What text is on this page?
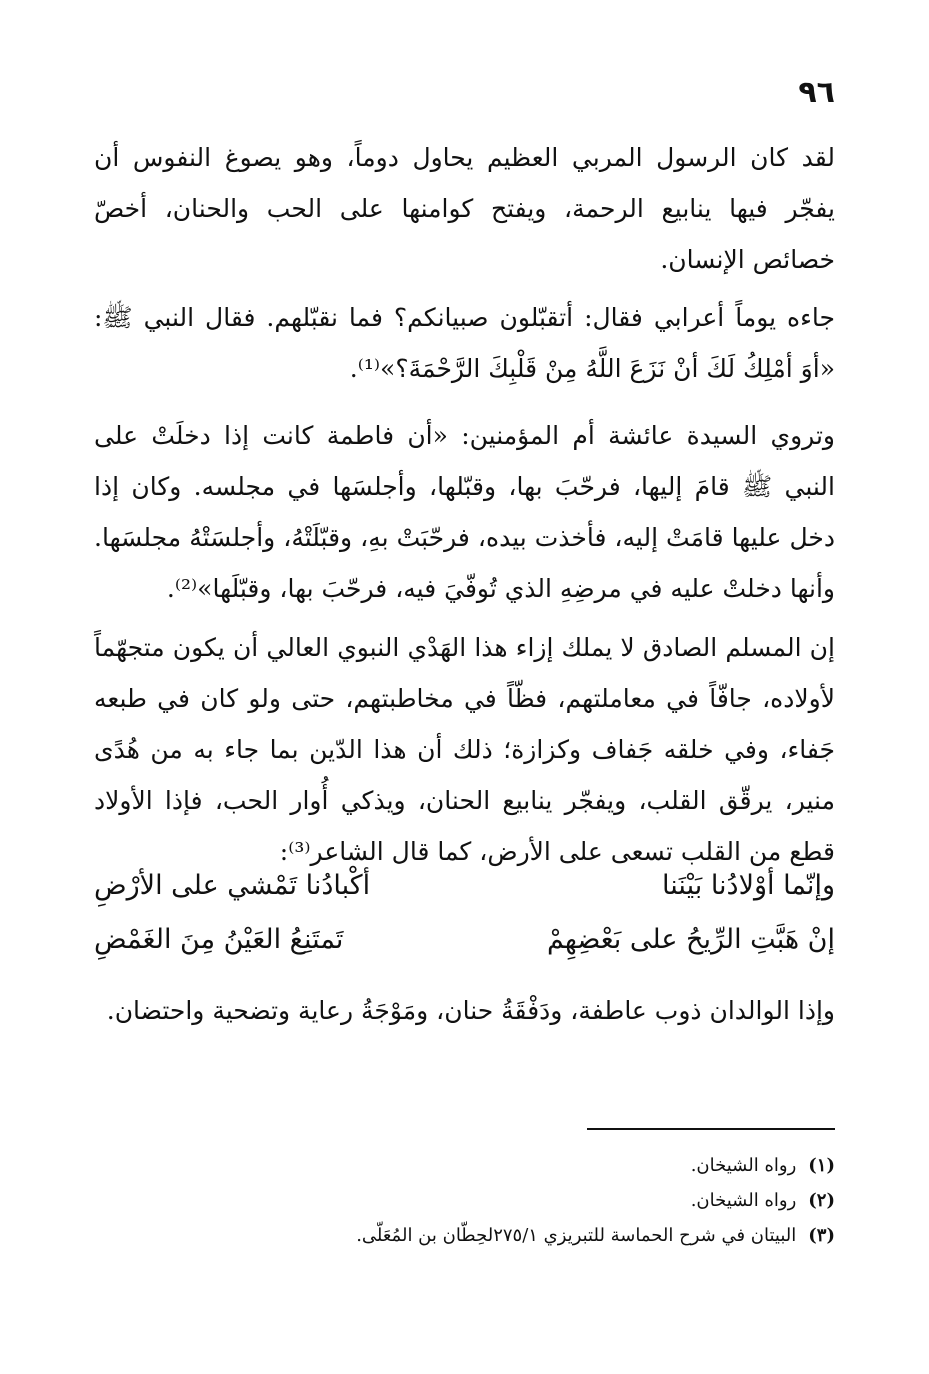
٩٦

لقد كان الرسول المربي العظيم يحاول دوماً، وهو يصوغ النفوس أن يفجّر فيها ينابيع الرحمة، ويفتح كوامنها على الحب والحنان، أخصّ خصائص الإنسان.

جاءه يوماً أعرابي فقال: أتقبّلون صبيانكم؟ فما نقبّلهم. فقال النبي ﷺ: «أوَ أمْلِكُ لَكَ أنْ نَزَعَ اللَّهُ مِنْ قَلْبِكَ الرَّحْمَةَ؟»⁽¹⁾.

وتروي السيدة عائشة أم المؤمنين: «أن فاطمة كانت إذا دخلَتْ على النبي ﷺ قامَ إليها، فرحّبَ بها، وقبّلها، وأجلسَها في مجلسه. وكان إذا دخل عليها قامَتْ إليه، فأخذت بيده، فرحّبَتْ بهِ، وقبّلَتْهُ، وأجلسَتْهُ مجلسَها. وأنها دخلتْ عليه في مرضِهِ الذي تُوفّيَ فيه، فرحّبَ بها، وقبّلَها»⁽²⁾.

إن المسلم الصادق لا يملك إزاء هذا الهَدْي النبوي العالي أن يكون متجهّماً لأولاده، جافّاً في معاملتهم، فظّاً في مخاطبتهم، حتى ولو كان في طبعه جَفاء، وفي خلقه جَفاف وكزازة؛ ذلك أن هذا الدّين بما جاء به من هُدًى منير، يرقّق القلب، ويفجّر ينابيع الحنان، ويذكي أُوار الحب، فإذا الأولاد قطع من القلب تسعى على الأرض، كما قال الشاعر⁽³⁾:

وإنّما أوْلادُنا بَيْنَنا
أكْبادُنا تَمْشي على الأرْضِ
إنْ هَبَّتِ الرِّيحُ على بَعْضِهِمْ
تَمتَنِعُ العَيْنُ مِنَ الغَمْضِ

وإذا الوالدان ذوب عاطفة، ودَفْقَةُ حنان، ومَوْجَةُ رعاية وتضحية واحتضان.

(١)رواه الشيخان.

(٢)رواه الشيخان.

(٣)البيتان في شرح الحماسة للتبريزي ٢٧٥/١لحِطّان بن المُعَلّى.
